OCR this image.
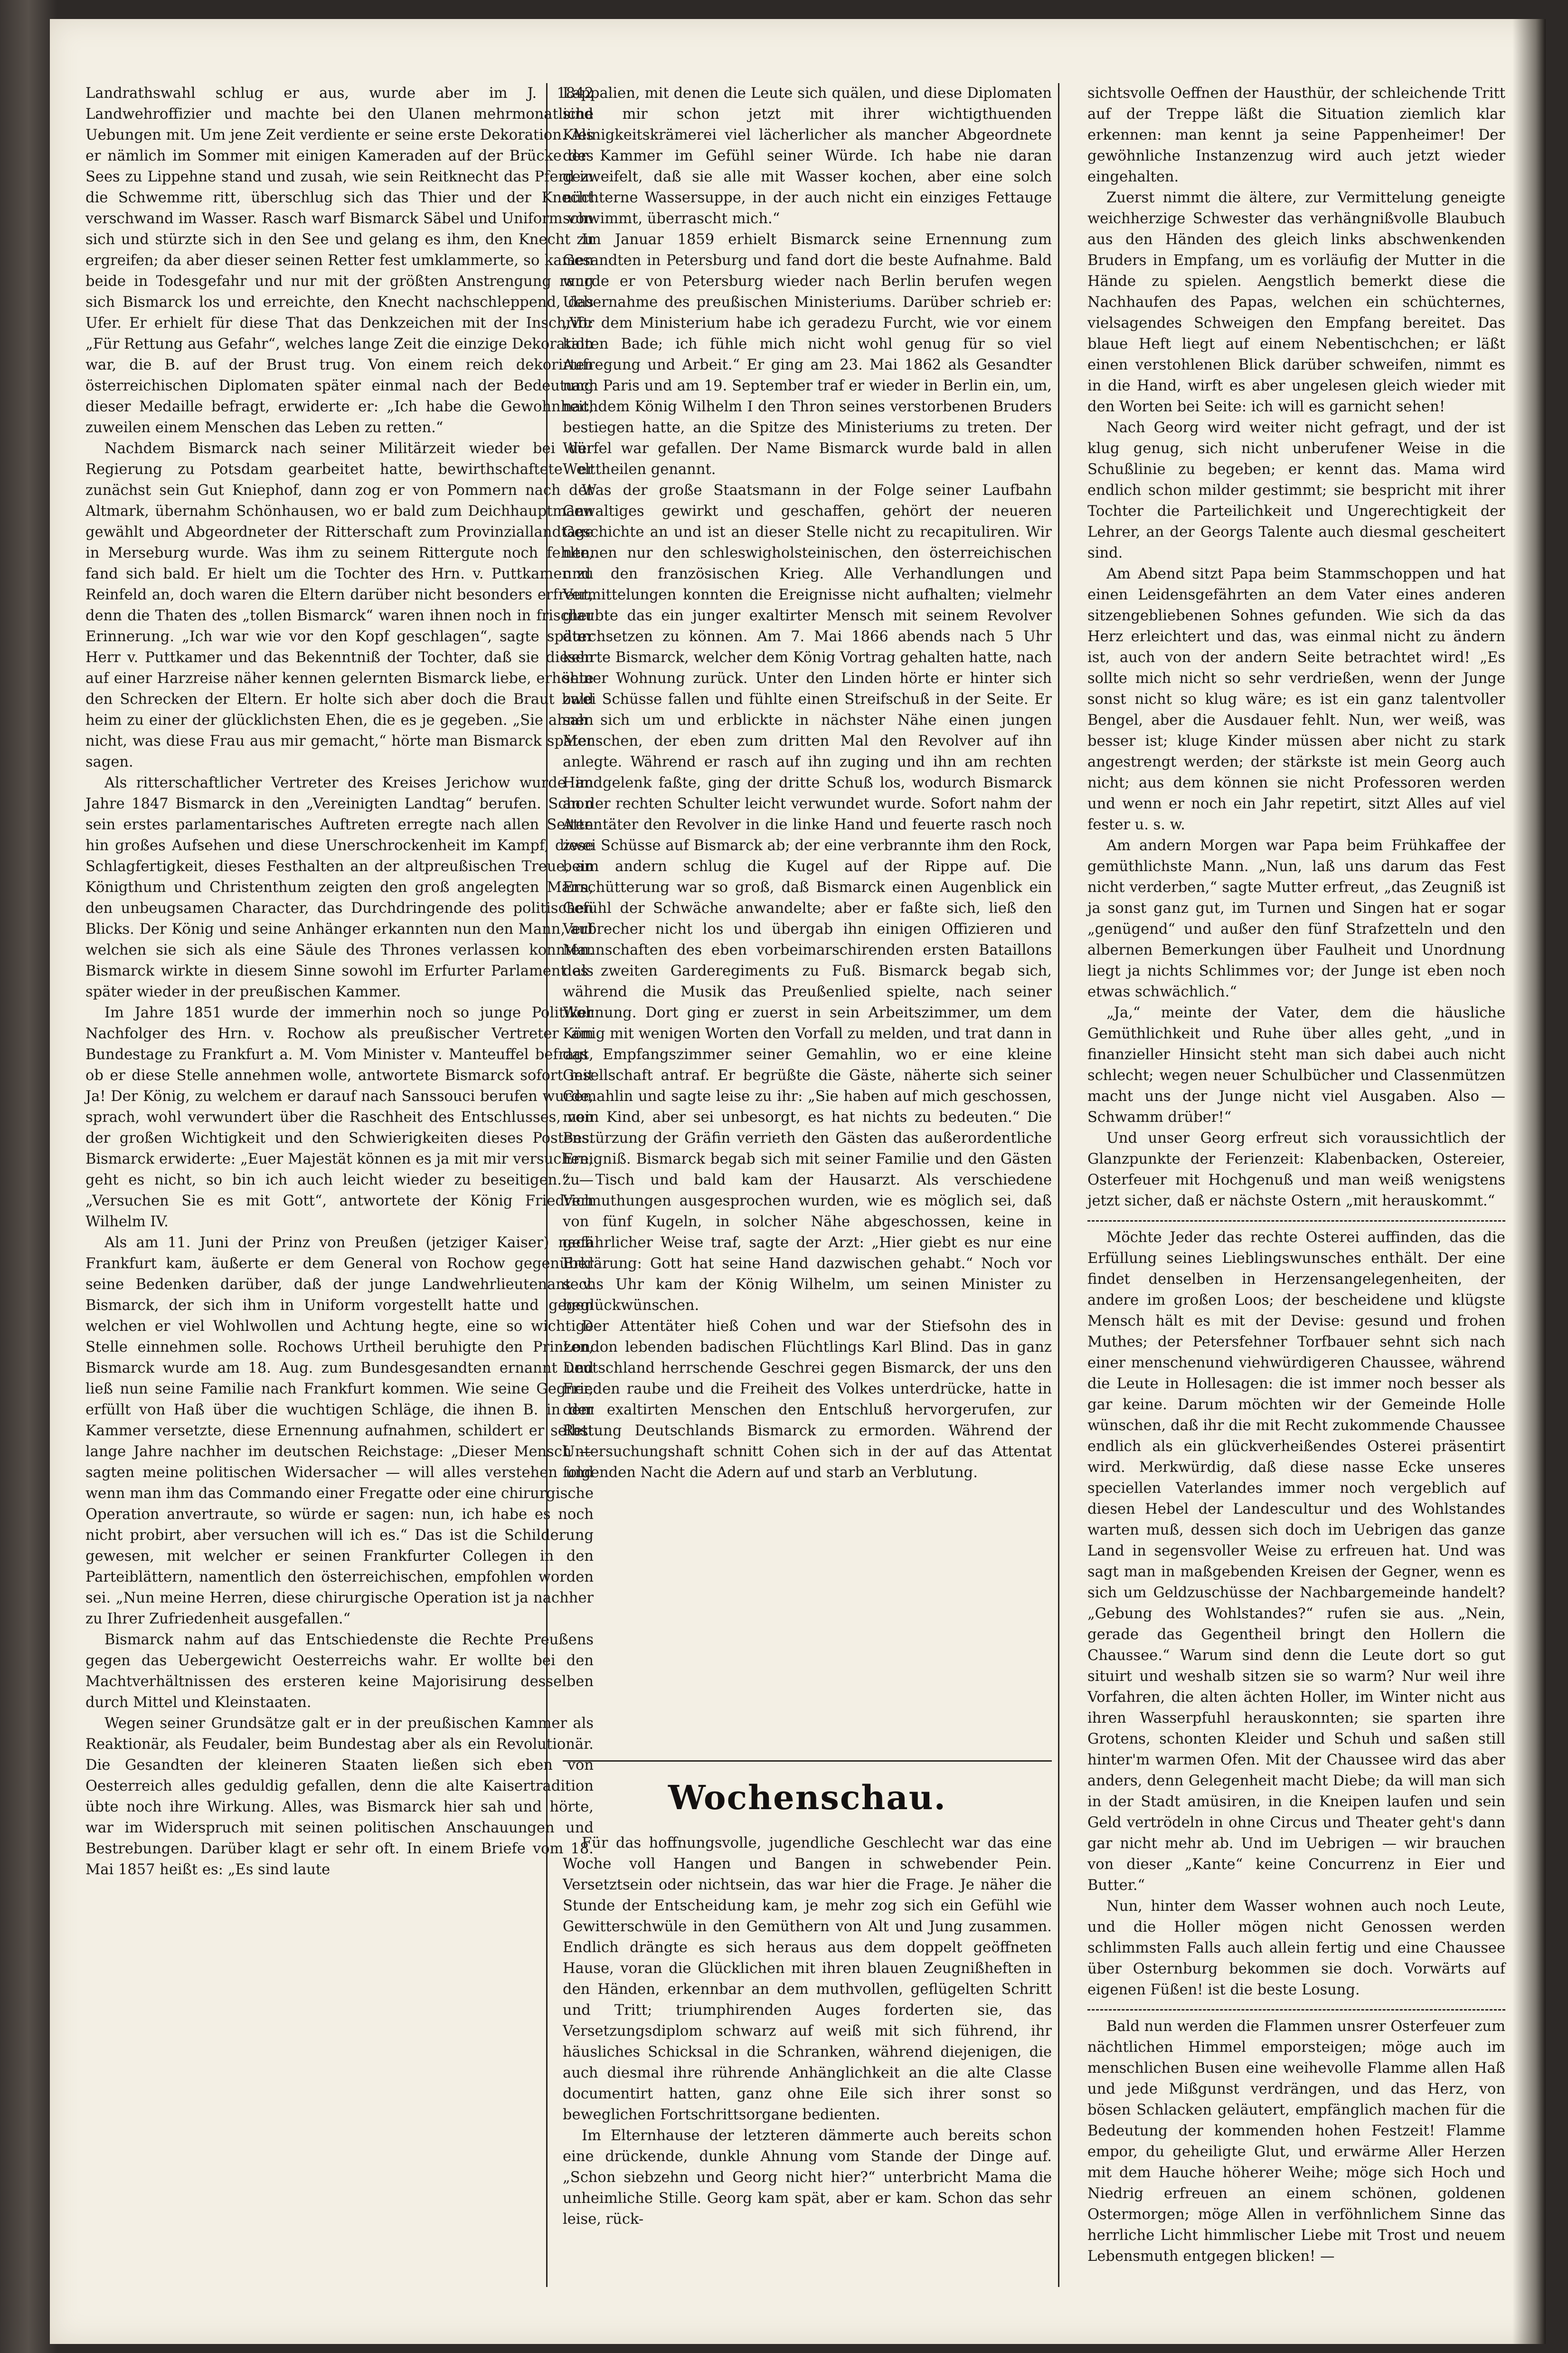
Landrathswahl schlug er aus, wurde aber im J. 1842 Landwehroffizier und machte bei den Ulanen mehrmonatliche Uebungen mit. Um jene Zeit verdiente er seine erste Dekoration. Als er nämlich im Sommer mit einigen Kameraden auf der Brücke des Sees zu Lippehne stand und zusah, wie sein Reitknecht das Pferd in die Schwemme ritt, überschlug sich das Thier und der Knecht verschwand im Wasser. Rasch warf Bismarck Säbel und Uniform von sich und stürzte sich in den See und gelang es ihm, den Knecht zu ergreifen; da aber dieser seinen Retter fest umklammerte, so kamen beide in Todesgefahr und nur mit der größten Anstrengung rang sich Bismarck los und erreichte, den Knecht nachschleppend, das Ufer. Er erhielt für diese That das Denkzeichen mit der Inschrift: „Für Rettung aus Gefahr“, welches lange Zeit die einzige Dekoration war, die B. auf der Brust trug. Von einem reich dekorirten österreichischen Diplomaten später einmal nach der Bedeutung dieser Medaille befragt, erwiderte er: „Ich habe die Gewohnheit, zuweilen einem Menschen das Leben zu retten.“

Nachdem Bismarck nach seiner Militärzeit wieder bei der Regierung zu Potsdam gearbeitet hatte, bewirthschaftete er zunächst sein Gut Kniephof, dann zog er von Pommern nach der Altmark, übernahm Schönhausen, wo er bald zum Deichhauptmann gewählt und Abgeordneter der Ritterschaft zum Provinziallandtage in Merseburg wurde. Was ihm zu seinem Rittergute noch fehlte, fand sich bald. Er hielt um die Tochter des Hrn. v. Puttkamer zu Reinfeld an, doch waren die Eltern darüber nicht besonders erfreut, denn die Thaten des „tollen Bismarck“ waren ihnen noch in frischer Erinnerung. „Ich war wie vor den Kopf geschlagen“, sagte später Herr v. Puttkamer und das Bekenntniß der Tochter, daß sie diesen auf einer Harzreise näher kennen gelernten Bismarck liebe, erhöhte den Schrecken der Eltern. Er holte sich aber doch die Braut bald heim zu einer der glücklichsten Ehen, die es je gegeben. „Sie ahnen nicht, was diese Frau aus mir gemacht,“ hörte man Bismarck später sagen.

Als ritterschaftlicher Vertreter des Kreises Jerichow wurde im Jahre 1847 Bismarck in den „Vereinigten Landtag“ berufen. Schon sein erstes parlamentarisches Auftreten erregte nach allen Seiten hin großes Aufsehen und diese Unerschrockenheit im Kampf, diese Schlagfertigkeit, dieses Festhalten an der altpreußischen Treue, an Königthum und Christenthum zeigten den groß angelegten Mann, den unbeugsamen Character, das Durchdringende des politischen Blicks. Der König und seine Anhänger erkannten nun den Mann, auf welchen sie sich als eine Säule des Thrones verlassen konnten. Bismarck wirkte in diesem Sinne sowohl im Erfurter Parlament als später wieder in der preußischen Kammer.

Im Jahre 1851 wurde der immerhin noch so junge Politiker Nachfolger des Hrn. v. Rochow als preußischer Vertreter am Bundestage zu Frankfurt a. M. Vom Minister v. Manteuffel befragt, ob er diese Stelle annehmen wolle, antwortete Bismarck sofort mit Ja! Der König, zu welchem er darauf nach Sanssouci berufen wurde, sprach, wohl verwundert über die Raschheit des Entschlusses, von der großen Wichtigkeit und den Schwierigkeiten dieses Postens. Bismarck erwiderte: „Euer Majestät können es ja mit mir versuchen; geht es nicht, so bin ich auch leicht wieder zu beseitigen.“ — „Versuchen Sie es mit Gott“, antwortete der König Friedrich Wilhelm IV.

Als am 11. Juni der Prinz von Preußen (jetziger Kaiser) nach Frankfurt kam, äußerte er dem General von Rochow gegenüber seine Bedenken darüber, daß der junge Landwehrlieutenant v. Bismarck, der sich ihm in Uniform vorgestellt hatte und gegen welchen er viel Wohlwollen und Achtung hegte, eine so wichtige Stelle einnehmen solle. Rochows Urtheil beruhigte den Prinzen, Bismarck wurde am 18. Aug. zum Bundesgesandten ernannt und ließ nun seine Familie nach Frankfurt kommen. Wie seine Gegner, erfüllt von Haß über die wuchtigen Schläge, die ihnen B. in der Kammer versetzte, diese Ernennung aufnahmen, schildert er selbst lange Jahre nachher im deutschen Reichstage: „Dieser Mensch — sagten meine politischen Widersacher — will alles verstehen und wenn man ihm das Commando einer Fregatte oder eine chirurgische Operation anvertraute, so würde er sagen: nun, ich habe es noch nicht probirt, aber versuchen will ich es.“ Das ist die Schilderung gewesen, mit welcher er seinen Frankfurter Collegen in den Parteiblättern, namentlich den österreichischen, empfohlen worden sei. „Nun meine Herren, diese chirurgische Operation ist ja nachher zu Ihrer Zufriedenheit ausgefallen.“

Bismarck nahm auf das Entschiedenste die Rechte Preußens gegen das Uebergewicht Oesterreichs wahr. Er wollte bei den Machtverhältnissen des ersteren keine Majorisirung desselben durch Mittel und Kleinstaaten.

Wegen seiner Grundsätze galt er in der preußischen Kammer als Reaktionär, als Feudaler, beim Bundestag aber als ein Revolutionär. Die Gesandten der kleineren Staaten ließen sich eben von Oesterreich alles geduldig gefallen, denn die alte Kaisertradition übte noch ihre Wirkung. Alles, was Bismarck hier sah und hörte, war im Widerspruch mit seinen politischen Anschauungen und Bestrebungen. Darüber klagt er sehr oft. In einem Briefe vom 18. Mai 1857 heißt es: „Es sind laute

Lappalien, mit denen die Leute sich quälen, und diese Diplomaten sind mir schon jetzt mit ihrer wichtigthuenden Kleinigkeitskrämerei viel lächerlicher als mancher Abgeordnete der Kammer im Gefühl seiner Würde. Ich habe nie daran gezweifelt, daß sie alle mit Wasser kochen, aber eine solch nüchterne Wassersuppe, in der auch nicht ein einziges Fettauge schwimmt, überrascht mich.“

Im Januar 1859 erhielt Bismarck seine Ernennung zum Gesandten in Petersburg und fand dort die beste Aufnahme. Bald wurde er von Petersburg wieder nach Berlin berufen wegen Uebernahme des preußischen Ministeriums. Darüber schrieb er: „Vor dem Ministerium habe ich geradezu Furcht, wie vor einem kalten Bade; ich fühle mich nicht wohl genug für so viel Aufregung und Arbeit.“ Er ging am 23. Mai 1862 als Gesandter nach Paris und am 19. September traf er wieder in Berlin ein, um, nachdem König Wilhelm I den Thron seines verstorbenen Bruders bestiegen hatte, an die Spitze des Ministeriums zu treten. Der Würfel war gefallen. Der Name Bismarck wurde bald in allen Welttheilen genannt.

Was der große Staatsmann in der Folge seiner Laufbahn Gewaltiges gewirkt und geschaffen, gehört der neueren Geschichte an und ist an dieser Stelle nicht zu recapituliren. Wir nennen nur den schleswigholsteinischen, den österreichischen und den französischen Krieg. Alle Verhandlungen und Vermittelungen konnten die Ereignisse nicht aufhalten; vielmehr glaubte das ein junger exaltirter Mensch mit seinem Revolver durchsetzen zu können. Am 7. Mai 1866 abends nach 5 Uhr kehrte Bismarck, welcher dem König Vortrag gehalten hatte, nach seiner Wohnung zurück. Unter den Linden hörte er hinter sich zwei Schüsse fallen und fühlte einen Streifschuß in der Seite. Er sah sich um und erblickte in nächster Nähe einen jungen Menschen, der eben zum dritten Mal den Revolver auf ihn anlegte. Während er rasch auf ihn zuging und ihn am rechten Handgelenk faßte, ging der dritte Schuß los, wodurch Bismarck an der rechten Schulter leicht verwundet wurde. Sofort nahm der Attentäter den Revolver in die linke Hand und feuerte rasch noch zwei Schüsse auf Bismarck ab; der eine verbrannte ihm den Rock, beim andern schlug die Kugel auf der Rippe auf. Die Erschütterung war so groß, daß Bismarck einen Augenblick ein Gefühl der Schwäche anwandelte; aber er faßte sich, ließ den Verbrecher nicht los und übergab ihn einigen Offizieren und Mannschaften des eben vorbeimarschirenden ersten Bataillons des zweiten Garderegiments zu Fuß. Bismarck begab sich, während die Musik das Preußenlied spielte, nach seiner Wohnung. Dort ging er zuerst in sein Arbeitszimmer, um dem König mit wenigen Worten den Vorfall zu melden, und trat dann in das Empfangszimmer seiner Gemahlin, wo er eine kleine Gesellschaft antraf. Er begrüßte die Gäste, näherte sich seiner Gemahlin und sagte leise zu ihr: „Sie haben auf mich geschossen, mein Kind, aber sei unbesorgt, es hat nichts zu bedeuten.“ Die Bestürzung der Gräfin verrieth den Gästen das außerordentliche Ereigniß. Bismarck begab sich mit seiner Familie und den Gästen zu Tisch und bald kam der Hausarzt. Als verschiedene Vermuthungen ausgesprochen wurden, wie es möglich sei, daß von fünf Kugeln, in solcher Nähe abgeschossen, keine in gefährlicher Weise traf, sagte der Arzt: „Hier giebt es nur eine Erklärung: Gott hat seine Hand dazwischen gehabt.“ Noch vor sechs Uhr kam der König Wilhelm, um seinen Minister zu beglückwünschen.

Der Attentäter hieß Cohen und war der Stiefsohn des in London lebenden badischen Flüchtlings Karl Blind. Das in ganz Deutschland herrschende Geschrei gegen Bismarck, der uns den Frieden raube und die Freiheit des Volkes unterdrücke, hatte in dem exaltirten Menschen den Entschluß hervorgerufen, zur Rettung Deutschlands Bismarck zu ermorden. Während der Untersuchungshaft schnitt Cohen sich in der auf das Attentat folgenden Nacht die Adern auf und starb an Verblutung.

Wochenschau.

Für das hoffnungsvolle, jugendliche Geschlecht war das eine Woche voll Hangen und Bangen in schwebender Pein. Versetztsein oder nichtsein, das war hier die Frage. Je näher die Stunde der Entscheidung kam, je mehr zog sich ein Gefühl wie Gewitterschwüle in den Gemüthern von Alt und Jung zusammen. Endlich drängte es sich heraus aus dem doppelt geöffneten Hause, voran die Glücklichen mit ihren blauen Zeugnißheften in den Händen, erkennbar an dem muthvollen, geflügelten Schritt und Tritt; triumphirenden Auges forderten sie, das Versetzungsdiplom schwarz auf weiß mit sich führend, ihr häusliches Schicksal in die Schranken, während diejenigen, die auch diesmal ihre rührende Anhänglichkeit an die alte Classe documentirt hatten, ganz ohne Eile sich ihrer sonst so beweglichen Fortschrittsorgane bedienten.

Im Elternhause der letzteren dämmerte auch bereits schon eine drückende, dunkle Ahnung vom Stande der Dinge auf. „Schon siebzehn und Georg nicht hier?“ unterbricht Mama die unheimliche Stille. Georg kam spät, aber er kam. Schon das sehr leise, rück-

sichtsvolle Oeffnen der Hausthür, der schleichende Tritt auf der Treppe läßt die Situation ziemlich klar erkennen: man kennt ja seine Pappenheimer! Der gewöhnliche Instanzenzug wird auch jetzt wieder eingehalten.

Zuerst nimmt die ältere, zur Vermittelung geneigte weichherzige Schwester das verhängnißvolle Blaubuch aus den Händen des gleich links abschwenkenden Bruders in Empfang, um es vorläufig der Mutter in die Hände zu spielen. Aengstlich bemerkt diese die Nachhaufen des Papas, welchen ein schüchternes, vielsagendes Schweigen den Empfang bereitet. Das blaue Heft liegt auf einem Nebentischchen; er läßt einen verstohlenen Blick darüber schweifen, nimmt es in die Hand, wirft es aber ungelesen gleich wieder mit den Worten bei Seite: ich will es garnicht sehen!

Nach Georg wird weiter nicht gefragt, und der ist klug genug, sich nicht unberufener Weise in die Schußlinie zu begeben; er kennt das. Mama wird endlich schon milder gestimmt; sie bespricht mit ihrer Tochter die Parteilichkeit und Ungerechtigkeit der Lehrer, an der Georgs Talente auch diesmal gescheitert sind.

Am Abend sitzt Papa beim Stammschoppen und hat einen Leidensgefährten an dem Vater eines anderen sitzengebliebenen Sohnes gefunden. Wie sich da das Herz erleichtert und das, was einmal nicht zu ändern ist, auch von der andern Seite betrachtet wird! „Es sollte mich nicht so sehr verdrießen, wenn der Junge sonst nicht so klug wäre; es ist ein ganz talentvoller Bengel, aber die Ausdauer fehlt. Nun, wer weiß, was besser ist; kluge Kinder müssen aber nicht zu stark angestrengt werden; der stärkste ist mein Georg auch nicht; aus dem können sie nicht Professoren werden und wenn er noch ein Jahr repetirt, sitzt Alles auf viel fester u. s. w.

Am andern Morgen war Papa beim Frühkaffee der gemüthlichste Mann. „Nun, laß uns darum das Fest nicht verderben,“ sagte Mutter erfreut, „das Zeugniß ist ja sonst ganz gut, im Turnen und Singen hat er sogar „genügend“ und außer den fünf Strafzetteln und den albernen Bemerkungen über Faulheit und Unordnung liegt ja nichts Schlimmes vor; der Junge ist eben noch etwas schwächlich.“

„Ja,“ meinte der Vater, dem die häusliche Gemüthlichkeit und Ruhe über alles geht, „und in finanzieller Hinsicht steht man sich dabei auch nicht schlecht; wegen neuer Schulbücher und Classenmützen macht uns der Junge nicht viel Ausgaben. Also — Schwamm drüber!“

Und unser Georg erfreut sich voraussichtlich der Glanzpunkte der Ferienzeit: Klabenbacken, Ostereier, Osterfeuer mit Hochgenuß und man weiß wenigstens jetzt sicher, daß er nächste Ostern „mit herauskommt.“

Möchte Jeder das rechte Osterei auffinden, das die Erfüllung seines Lieblingswunsches enthält. Der eine findet denselben in Herzensangelegenheiten, der andere im großen Loos; der bescheidene und klügste Mensch hält es mit der Devise: gesund und frohen Muthes; der Petersfehner Torfbauer sehnt sich nach einer menschenund viehwürdigeren Chaussee, während die Leute in Hollesagen: die ist immer noch besser als gar keine. Darum möchten wir der Gemeinde Holle wünschen, daß ihr die mit Recht zukommende Chaussee endlich als ein glückverheißendes Osterei präsentirt wird. Merkwürdig, daß diese nasse Ecke unseres speciellen Vaterlandes immer noch vergeblich auf diesen Hebel der Landescultur und des Wohlstandes warten muß, dessen sich doch im Uebrigen das ganze Land in segensvoller Weise zu erfreuen hat. Und was sagt man in maßgebenden Kreisen der Gegner, wenn es sich um Geldzuschüsse der Nachbargemeinde handelt? „Gebung des Wohlstandes?“ rufen sie aus. „Nein, gerade das Gegentheil bringt den Hollern die Chaussee.“ Warum sind denn die Leute dort so gut situirt und weshalb sitzen sie so warm? Nur weil ihre Vorfahren, die alten ächten Holler, im Winter nicht aus ihren Wasserpfuhl herauskonnten; sie sparten ihre Grotens, schonten Kleider und Schuh und saßen still hinter'm warmen Ofen. Mit der Chaussee wird das aber anders, denn Gelegenheit macht Diebe; da will man sich in der Stadt amüsiren, in die Kneipen laufen und sein Geld vertrödeln in ohne Circus und Theater geht's dann gar nicht mehr ab. Und im Uebrigen — wir brauchen von dieser „Kante“ keine Concurrenz in Eier und Butter.“

Nun, hinter dem Wasser wohnen auch noch Leute, und die Holler mögen nicht Genossen werden schlimmsten Falls auch allein fertig und eine Chaussee über Osternburg bekommen sie doch. Vorwärts auf eigenen Füßen! ist die beste Losung.

Bald nun werden die Flammen unsrer Osterfeuer zum nächtlichen Himmel emporsteigen; möge auch im menschlichen Busen eine weihevolle Flamme allen Haß und jede Mißgunst verdrängen, und das Herz, von bösen Schlacken geläutert, empfänglich machen für die Bedeutung der kommenden hohen Festzeit! Flamme empor, du geheiligte Glut, und erwärme Aller Herzen mit dem Hauche höherer Weihe; möge sich Hoch und Niedrig erfreuen an einem schönen, goldenen Ostermorgen; möge Allen in verföhnlichem Sinne das herrliche Licht himmlischer Liebe mit Trost und neuem Lebensmuth entgegen blicken! —
